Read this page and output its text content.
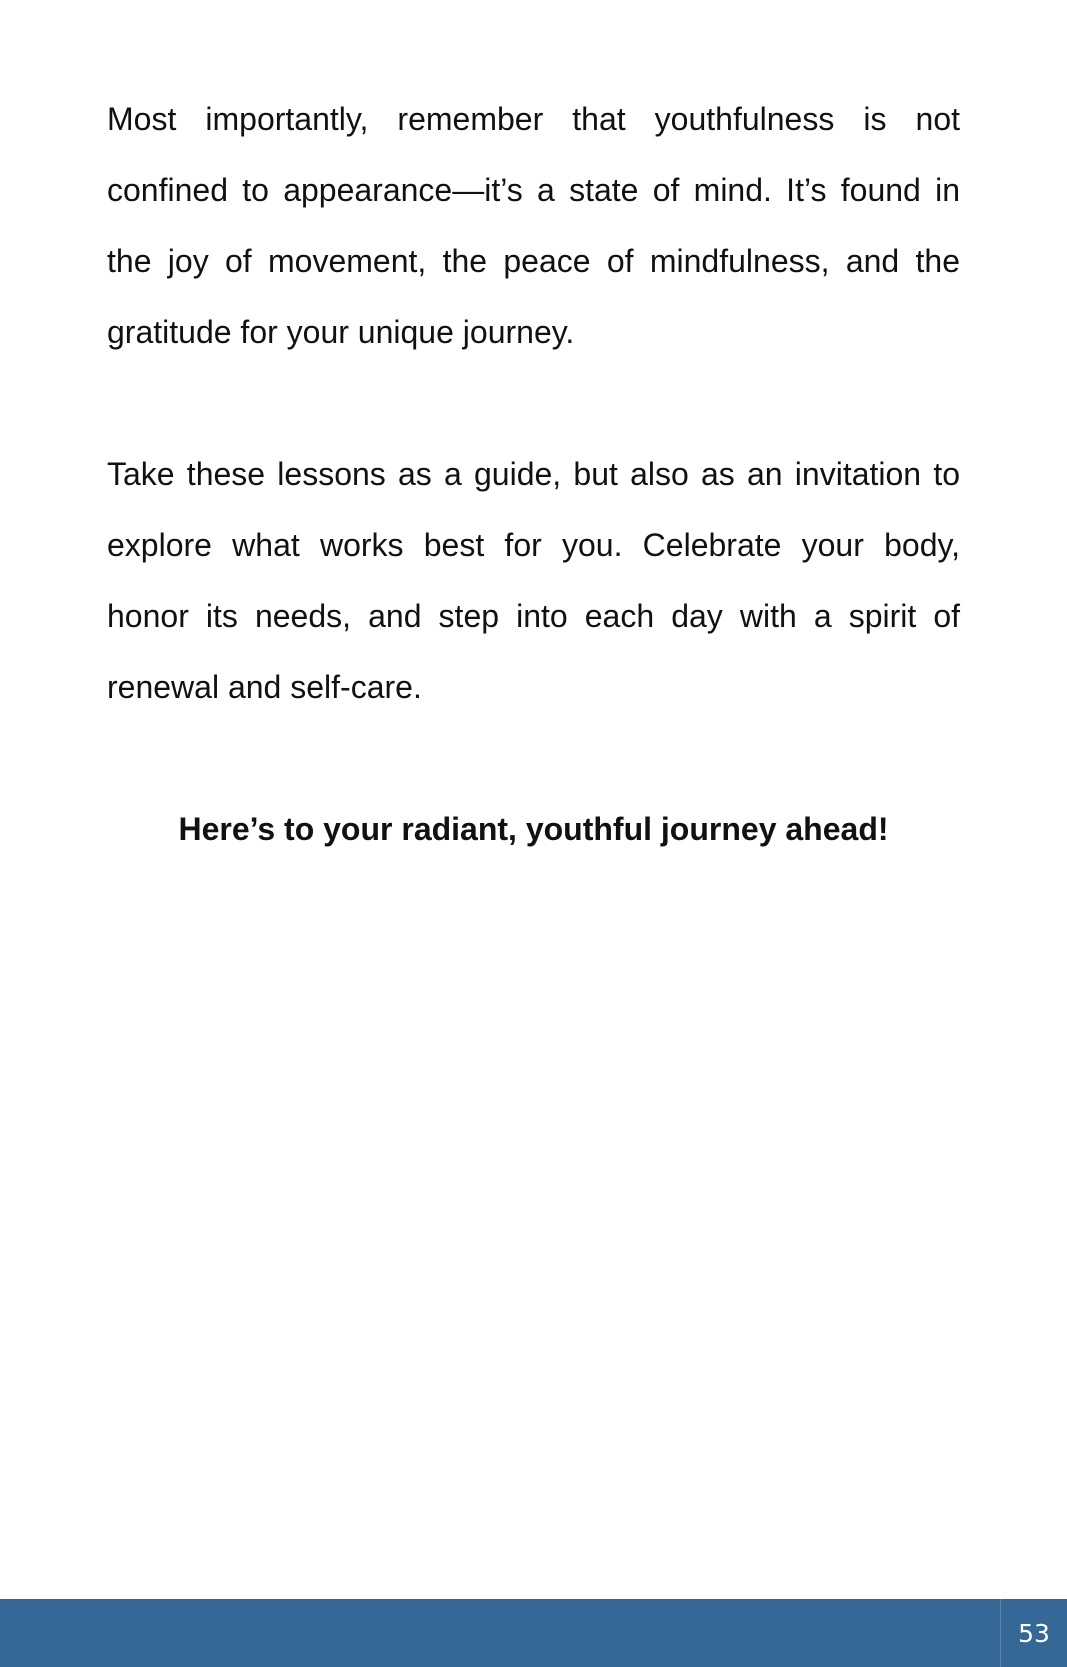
Most importantly, remember that youthfulness is not confined to appearance—it’s a state of mind. It’s found in the joy of movement, the peace of mindfulness, and the gratitude for your unique journey.

Take these lessons as a guide, but also as an invitation to explore what works best for you. Celebrate your body, honor its needs, and step into each day with a spirit of renewal and self-care.

Here’s to your radiant, youthful journey ahead!

53
